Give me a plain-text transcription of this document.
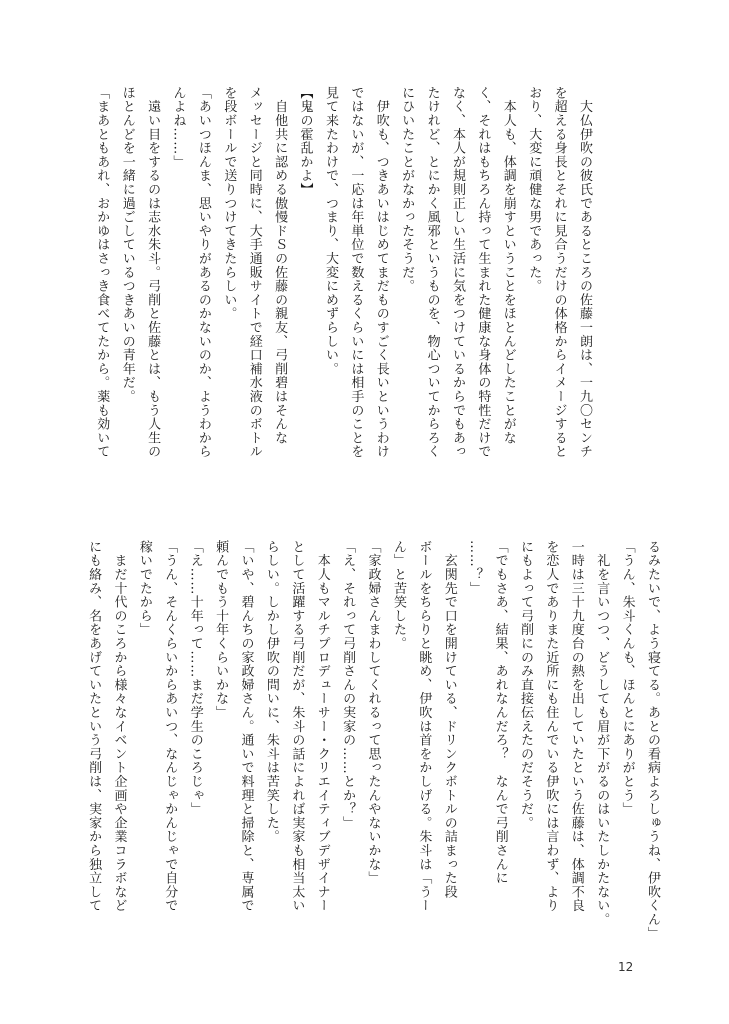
　大仏伊吹の彼氏であるところの佐藤一朗は、一九〇センチ
を超える身長とそれに見合うだけの体格からイメージすると
おり、大変に頑健な男であった。
　本人も、体調を崩すということをほとんどしたことがな
く、それはもちろん持って生まれた健康な身体の特性だけで
なく、本人が規則正しい生活に気をつけているからでもあっ
たけれど、とにかく風邪というものを、物心ついてからろく
にひいたことがなかったそうだ。
　伊吹も、つきあいはじめてまだものすごく長いというわけ
ではないが、一応は年単位で数えるくらいには相手のことを
見て来たわけで、つまり、大変にめずらしい。
【鬼の霍乱かよ】
　自他共に認める傲慢ドＳの佐藤の親友、弓削碧はそんな
メッセージと同時に、大手通販サイトで経口補水液のボトル
を段ボールで送りつけてきたらしい。
「あいつほんま、思いやりがあるのかないのか、ようわから
んよね……」
　遠い目をするのは志水朱斗。弓削と佐藤とは、もう人生の
ほとんどを一緒に過ごしているつきあいの青年だ。
「まあともあれ、おかゆはさっき食べてたから。薬も効いて
るみたいで、よう寝てる。あとの看病よろしゅうね、伊吹くん」
「うん、朱斗くんも、ほんとにありがとう」
　礼を言いつつ、どうしても眉が下がるのはいたしかたない。
一時は三十九度台の熱を出していたという佐藤は、体調不良
を恋人でありまた近所にも住んでいる伊吹には言わず、より
にもよって弓削にのみ直接伝えたのだそうだ。
「でもさあ、結果、あれなんだろ？　なんで弓削さんに
……？」
　玄関先で口を開けている、ドリンクボトルの詰まった段
ボールをちらりと眺め、伊吹は首をかしげる。朱斗は「うー
ん」と苦笑した。
「家政婦さんまわしてくれるって思ったんやないかな」
「え、それって弓削さんの実家の……とか？」
　本人もマルチプロデューサー・クリエイティブデザイナー
として活躍する弓削だが、朱斗の話によれば実家も相当太い
らしい。しかし伊吹の問いに、朱斗は苦笑した。
「いや、碧んちの家政婦さん。通いで料理と掃除と、専属で
頼んでもう十年くらいかな」
「え……十年って……まだ学生のころじゃ」
「うん、そんくらいからあいつ、なんじゃかんじゃで自分で
稼いでたから」
　まだ十代のころから様々なイベント企画や企業コラボなど
にも絡み、名をあげていたという弓削は、実家から独立して
12
